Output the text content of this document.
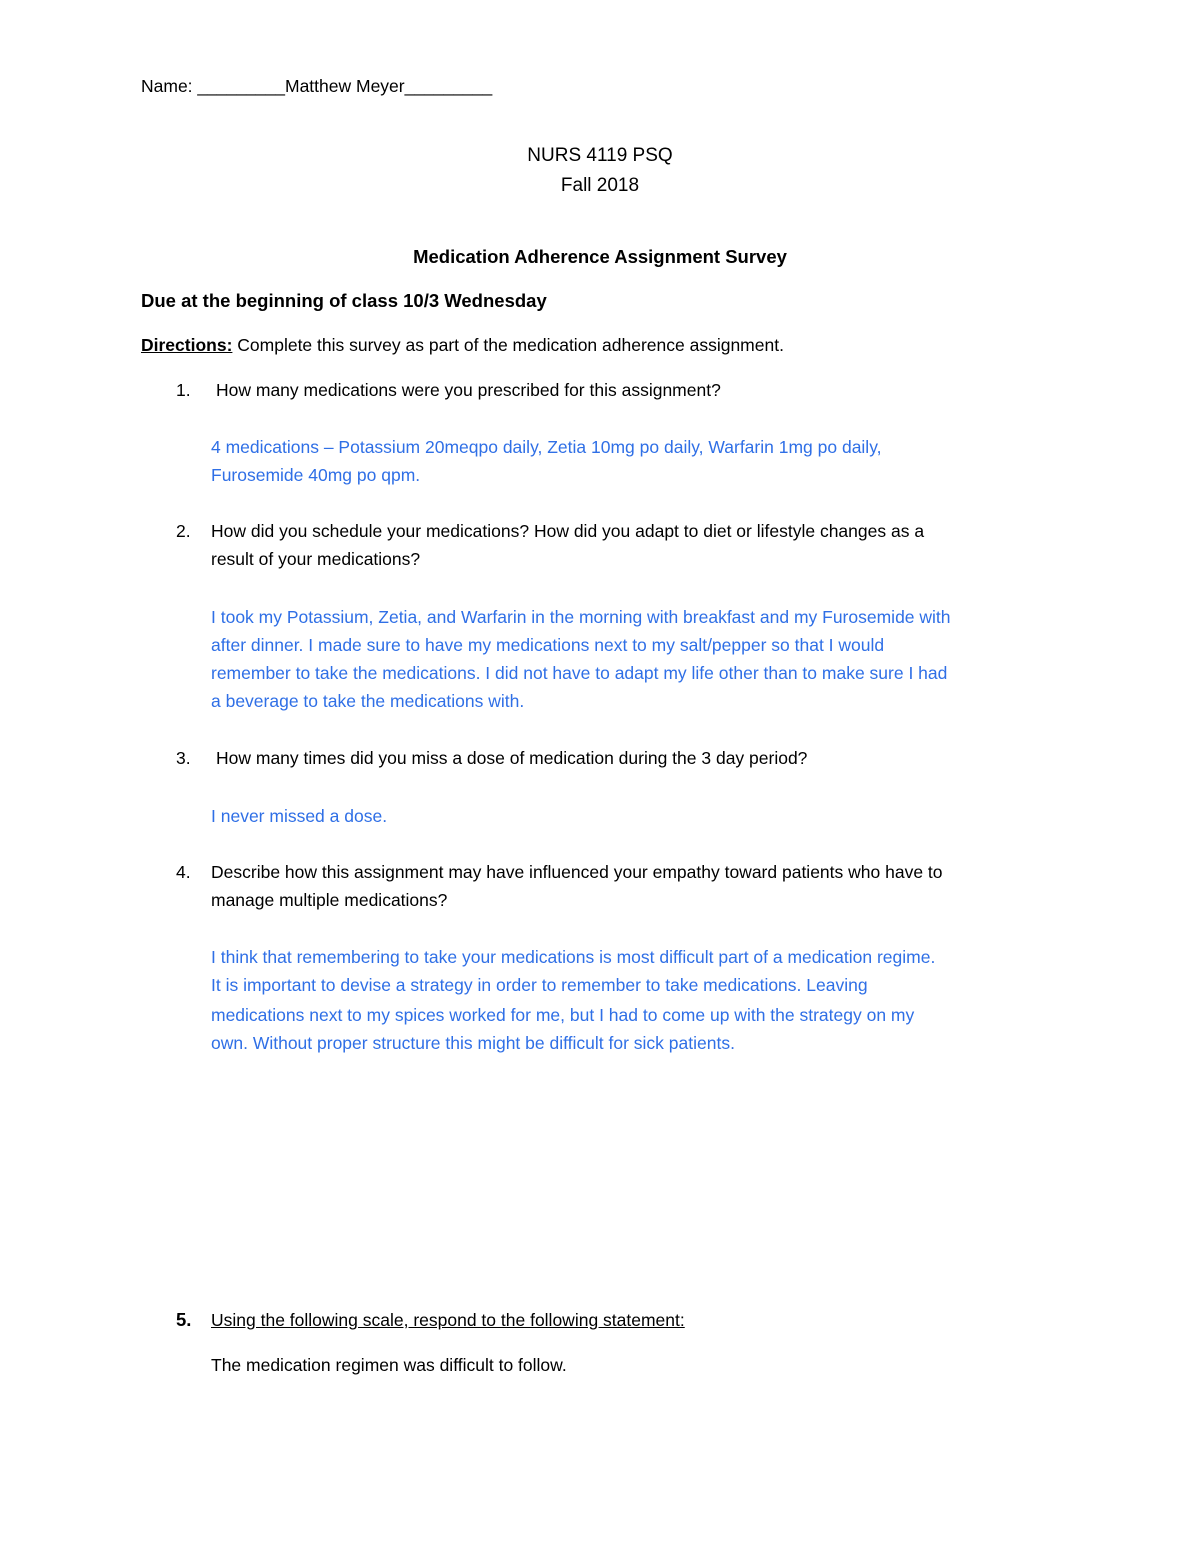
Name: _________Matthew Meyer_________
NURS 4119 PSQ
Fall 2018
Medication Adherence Assignment Survey
Due at the beginning of class 10/3 Wednesday
Directions: Complete this survey as part of the medication adherence assignment.
1. How many medications were you prescribed for this assignment?
4 medications – Potassium 20meqpo daily, Zetia 10mg po daily, Warfarin 1mg po daily,
Furosemide 40mg po qpm.
2. How did you schedule your medications? How did you adapt to diet or lifestyle changes as a
result of your medications?
I took my Potassium, Zetia, and Warfarin in the morning with breakfast and my Furosemide with
after dinner. I made sure to have my medications next to my salt/pepper so that I would
remember to take the medications. I did not have to adapt my life other than to make sure I had
a beverage to take the medications with.
3. How many times did you miss a dose of medication during the 3 day period?
I never missed a dose.
4. Describe how this assignment may have influenced your empathy toward patients who have to
manage multiple medications?
I think that remembering to take your medications is most difficult part of a medication regime.
It is important to devise a strategy in order to remember to take medications. Leaving
medications next to my spices worked for me, but I had to come up with the strategy on my
own. Without proper structure this might be difficult for sick patients.
5. Using the following scale, respond to the following statement:
The medication regimen was difficult to follow.
